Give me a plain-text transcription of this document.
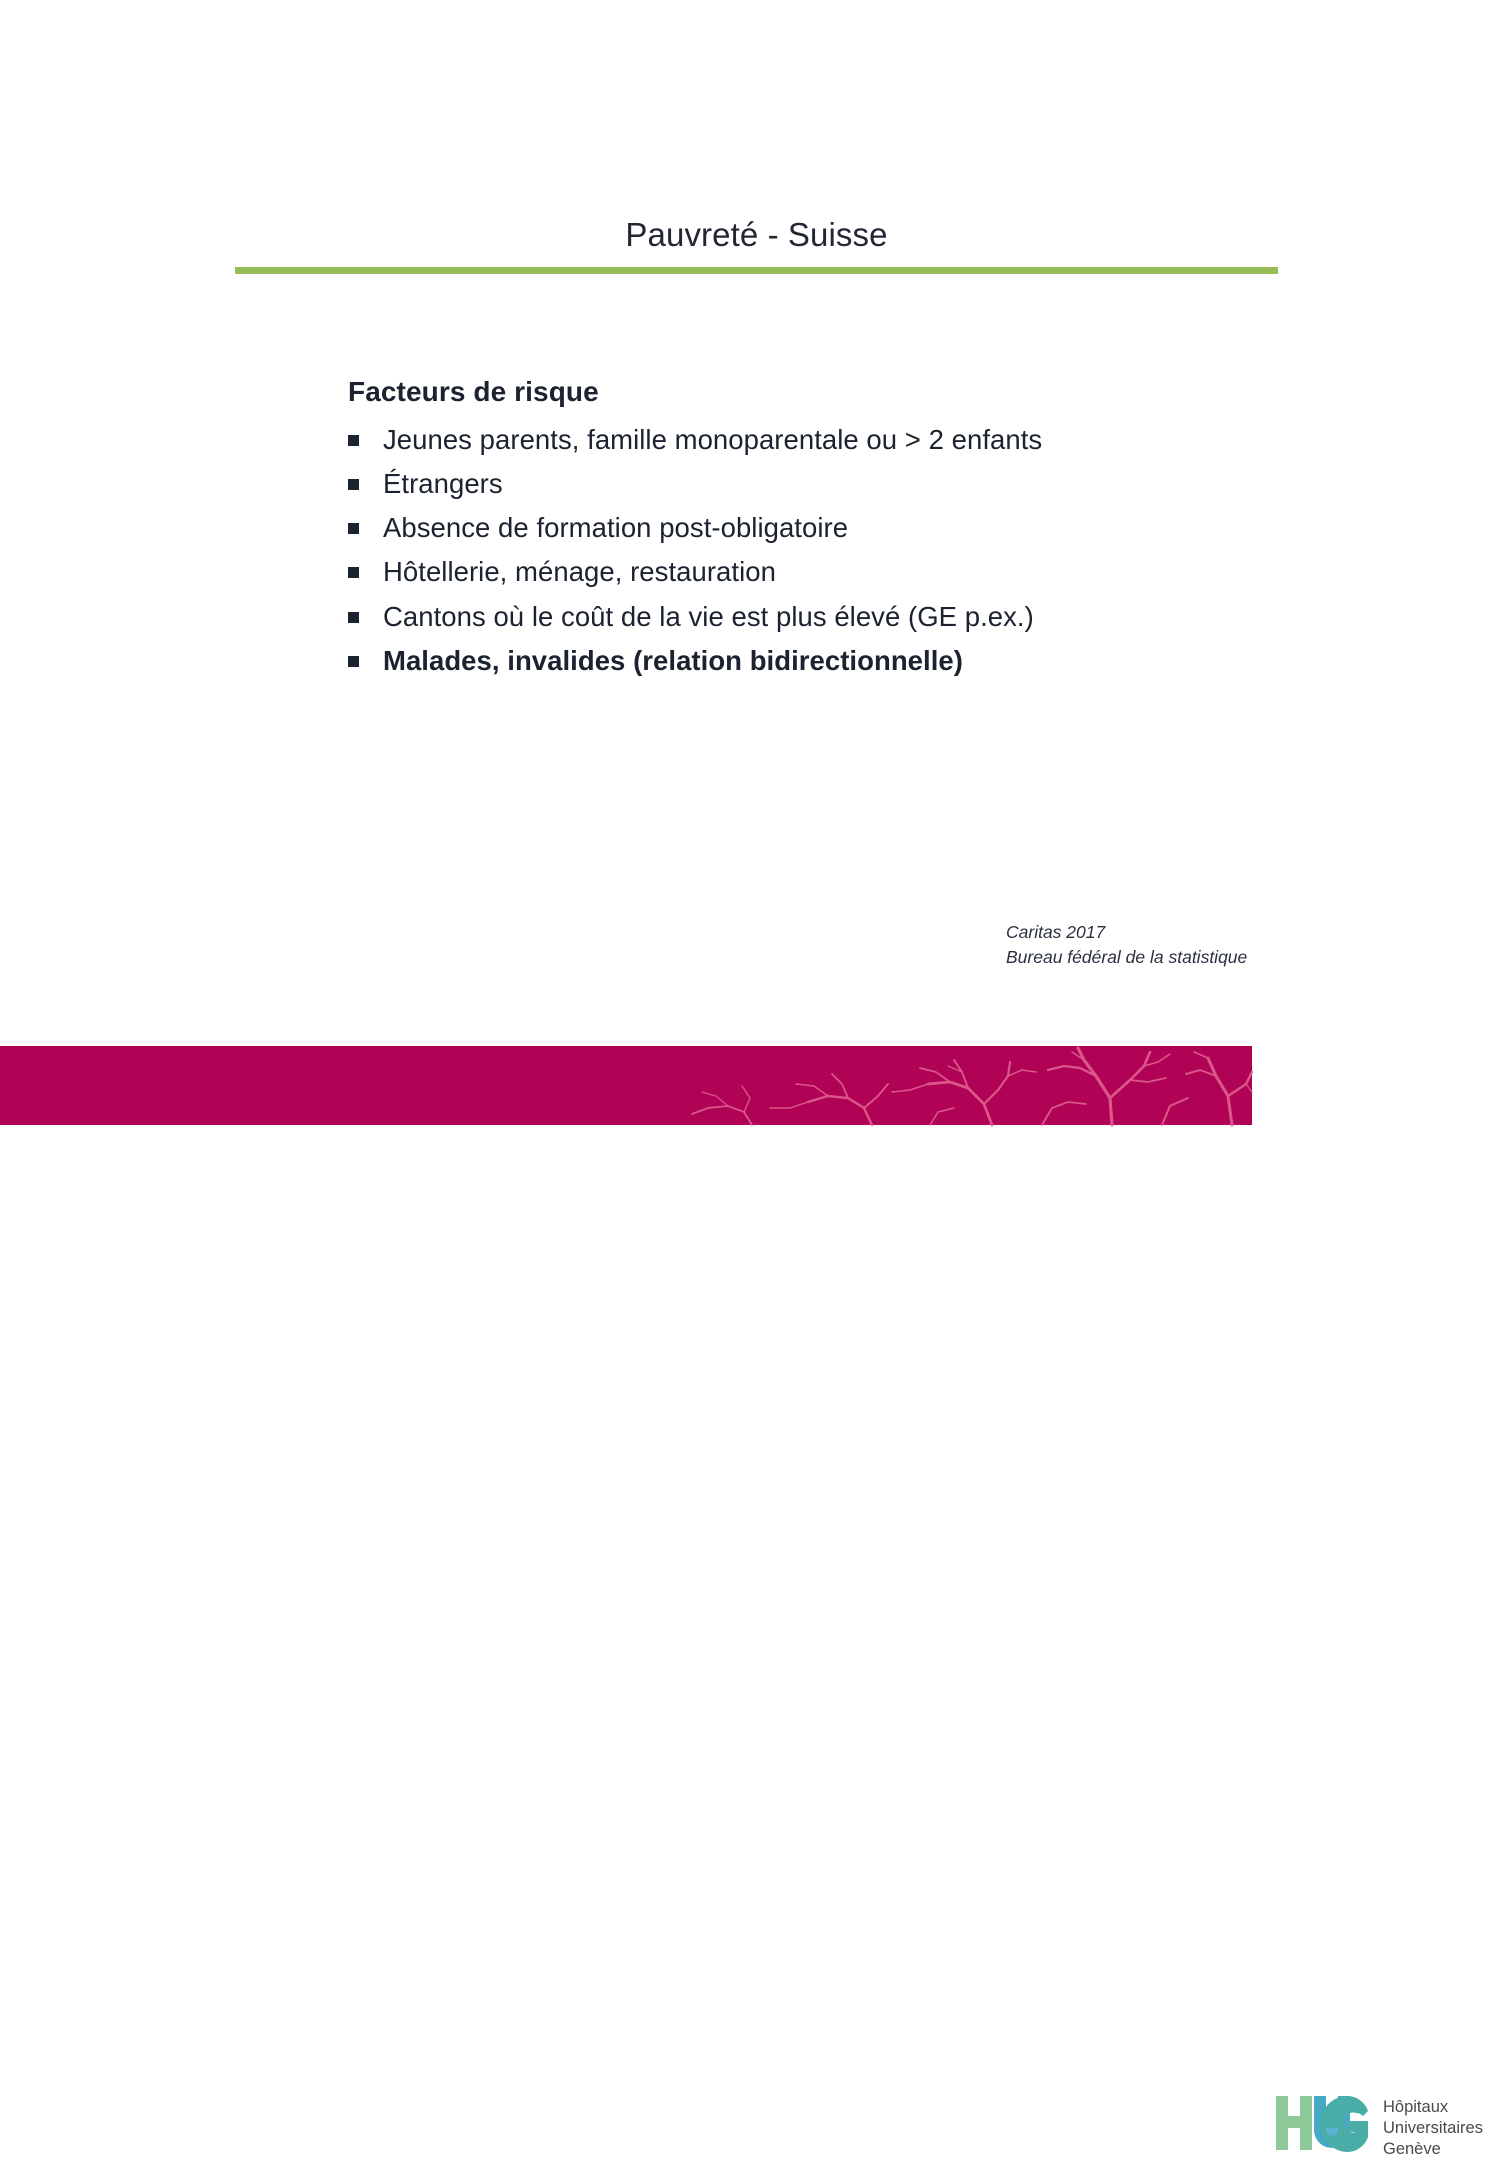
Pauvreté - Suisse
Facteurs de risque
Jeunes parents, famille monoparentale ou > 2 enfants
Étrangers
Absence de formation post-obligatoire
Hôtellerie, ménage, restauration
Cantons où le coût de la vie est plus élevé (GE p.ex.)
Malades, invalides (relation bidirectionnelle)
Caritas 2017
Bureau fédéral de la statistique
UNIVERSITÉ
DE GENÈVE
Hôpitaux
Universitaires
Genève
